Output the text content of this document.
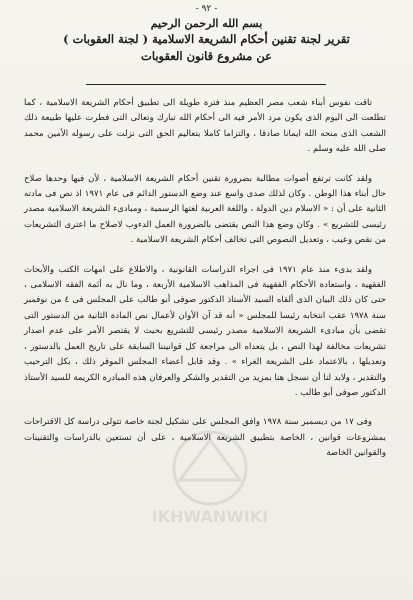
- ٩٢ -
بسم الله الرحمن الرحيم
تقرير لجنة تقنين أحكام الشريعة الاسلامية ( لجنة العقوبات )
عن مشروع قانون العقوبات

تاقت نفوس أبناء شعب مصر العظيم منذ فترة طويلة الى تطبيق أحكام الشريعة الاسلامية ، كما تطلعت الى اليوم الذى يكون مرد الأمر فيه الى أحكام الله تبارك وتعالى التى فطرت عليها طبيعة ذلك الشعب الذى منحه الله ايمانا صادقا ، والتزاما كاملا بتعاليم الحق التى نزلت على رسوله الأمين محمد صلى الله عليه وسلم .

ولقد كانت ترتفع أصوات مطالبة بضرورة تقنين أحكام الشريعة الاسلامية ، لأن فيها وحدها صلاح حال أبناء هذا الوطن . وكان لذلك صدى واسع عند وضع الدستور الدائم فى عام ١٩٧١ اذ نص فى مادته الثانية على أن : « الاسلام دين الدولة ، واللغة العربية لغتها الرسمية ، ومبادىء الشريعة الاسلامية مصدر رئيسى للتشريع » . وكان وضع هذا النص يقتضى بالضرورة العمل الدءوب لاصلاح ما اعترى التشريعات من نقص وعيب ، وتعديل النصوص التى تخالف أحكام الشريعة الاسلامية .

ولقد بدىء منذ عام ١٩٧١ فى اجراء الدراسات القانونية ، والاطلاع على امهات الكتب والأبحاث الفقهية ، واستعادة الأحكام الفقهية فى المذاهب الاسلامية الأربعة ، وما نال به أئمة الفقه الاسلامى ، حتى كان ذلك البيان الذى ألقاه السيد الأستاذ الدكتور صوفى أبو طالب على المجلس فى ٤ من نوفمبر سنة ١٩٧٨ عقب انتخابه رئيسا للمجلس « أنه قد آن الأوان لأعمال نص المادة الثانية من الدستور التى تقضى بأن مبادىء الشريعة الاسلامية مصدر رئيسى للتشريع بحيث لا يقتصر الأمر على عدم اصدار تشريعات مخالفة لهذا النص ، بل يتعداه الى مراجعة كل قوانيننا السابقة على تاريخ العمل بالدستور ، وتعديلها ، بالاعتماد على الشريعة الغراء » . وقد قابل أعضاء المجلس الموقر ذلك ، بكل الترحيب والتقدير ، ولابد لنا أن نسجل هنا بمزيد من التقدير والشكر والعرفان هذه المبادرة الكريمة للسيد الأستاذ الدكتور صوفى أبو طالب .

وفى ١٧ من ديسمبر سنة ١٩٧٨ وافق المجلس على تشكيل لجنة خاصة تتولى دراسة كل الاقتراحات بمشروعات قوانين ، الخاصة بتطبيق الشريعة الاسلامية ، على أن تستعين بالدراسات والتقنينات والقوانين الخاصة

IKHWANWIKI
